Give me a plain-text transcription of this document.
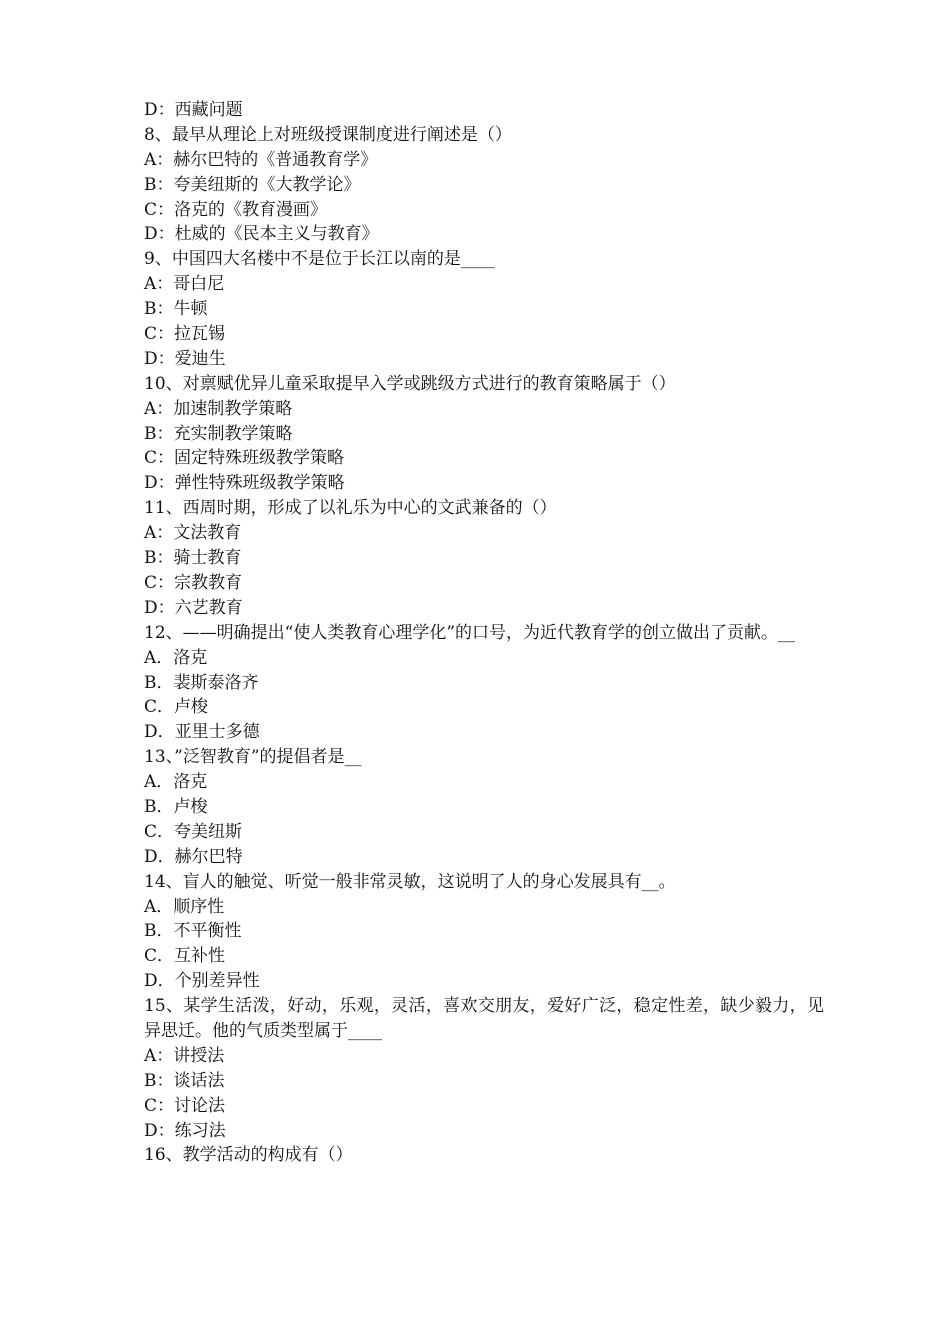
D：西藏问题
8、最早从理论上对班级授课制度进行阐述是（）
A：赫尔巴特的《普通教育学》
B：夸美纽斯的《大教学论》
C：洛克的《教育漫画》
D：杜威的《民本主义与教育》
9、中国四大名楼中不是位于长江以南的是____
A：哥白尼
B：牛顿
C：拉瓦锡
D：爱迪生
10、对禀赋优异儿童采取提早入学或跳级方式进行的教育策略属于（）
A：加速制教学策略
B：充实制教学策略
C：固定特殊班级教学策略
D：弹性特殊班级教学策略
11、西周时期，形成了以礼乐为中心的文武兼备的（）
A：文法教育
B：骑士教育
C：宗教教育
D：六艺教育
12、——明确提出“使人类教育心理学化”的口号，为近代教育学的创立做出了贡献。__
A．洛克
B．裴斯泰洛齐
C．卢梭
D．亚里士多德
13、”泛智教育”的提倡者是__
A．洛克
B．卢梭
C．夸美纽斯
D．赫尔巴特
14、盲人的触觉、听觉一般非常灵敏，这说明了人的身心发展具有__。
A．顺序性
B．不平衡性
C．互补性
D．个别差异性
15、某学生活泼，好动，乐观，灵活，喜欢交朋友，爱好广泛，稳定性差，缺少毅力，见异思迁。他的气质类型属于____
A：讲授法
B：谈话法
C：讨论法
D：练习法
16、教学活动的构成有（）
